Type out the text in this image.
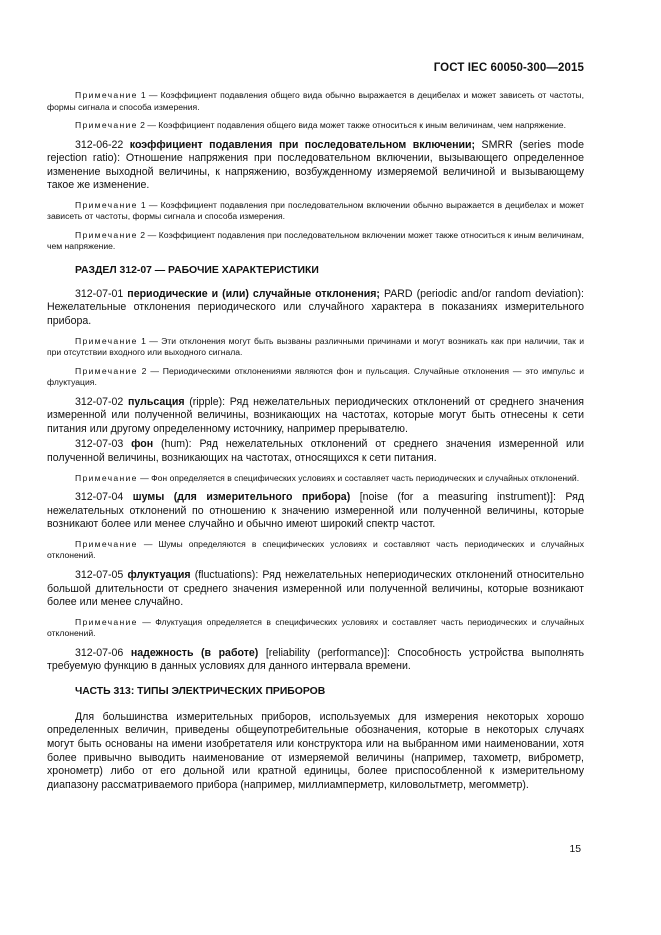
ГОСТ IEC 60050-300—2015

Примечание 1 — Коэффициент подавления общего вида обычно выражается в децибелах и может зависеть от частоты, формы сигнала и способа измерения.

Примечание 2 — Коэффициент подавления общего вида может также относиться к иным величинам, чем напряжение.

312-06-22 коэффициент подавления при последовательном включении; SMRR (series mode rejection ratio): Отношение напряжения при последовательном включении, вызывающего определенное изменение выходной величины, к напряжению, возбужденному измеряемой величиной и вызывающему такое же изменение.

Примечание 1 — Коэффициент подавления при последовательном включении обычно выражается в децибелах и может зависеть от частоты, формы сигнала и способа измерения.

Примечание 2 — Коэффициент подавления при последовательном включении может также относиться к иным величинам, чем напряжение.

РАЗДЕЛ 312-07 — РАБОЧИЕ ХАРАКТЕРИСТИКИ

312-07-01 периодические и (или) случайные отклонения; PARD (periodic and/or random deviation): Нежелательные отклонения периодического или случайного характера в показаниях измерительного прибора.

Примечание 1 — Эти отклонения могут быть вызваны различными причинами и могут возникать как при наличии, так и при отсутствии входного или выходного сигнала.

Примечание 2 — Периодическими отклонениями являются фон и пульсация. Случайные отклонения — это импульс и флуктуация.

312-07-02 пульсация (ripple): Ряд нежелательных периодических отклонений от среднего значения измеренной или полученной величины, возникающих на частотах, которые могут быть отнесены к сети питания или другому определенному источнику, например прерывателю.

312-07-03 фон (hum): Ряд нежелательных отклонений от среднего значения измеренной или полученной величины, возникающих на частотах, относящихся к сети питания.

Примечание — Фон определяется в специфических условиях и составляет часть периодических и случайных отклонений.

312-07-04 шумы (для измерительного прибора) [noise (for a measuring instrument)]: Ряд нежелательных отклонений по отношению к значению измеренной или полученной величины, которые возникают более или менее случайно и обычно имеют широкий спектр частот.

Примечание — Шумы определяются в специфических условиях и составляют часть периодических и случайных отклонений.

312-07-05 флуктуация (fluctuations): Ряд нежелательных непериодических отклонений относительно большой длительности от среднего значения измеренной или полученной величины, которые возникают более или менее случайно.

Примечание — Флуктуация определяется в специфических условиях и составляет часть периодических и случайных отклонений.

312-07-06 надежность (в работе) [reliability (performance)]: Способность устройства выполнять требуемую функцию в данных условиях для данного интервала времени.

ЧАСТЬ 313: ТИПЫ ЭЛЕКТРИЧЕСКИХ ПРИБОРОВ

Для большинства измерительных приборов, используемых для измерения некоторых хорошо определенных величин, приведены общеупотребительные обозначения, которые в некоторых случаях могут быть основаны на имени изобретателя или конструктора или на выбранном ими наименовании, хотя более привычно выводить наименование от измеряемой величины (например, тахометр, виброметр, хронометр) либо от его дольной или кратной единицы, более приспособленной к измерительному диапазону рассматриваемого прибора (например, миллиамперметр, киловольтметр, мегомметр).

15
